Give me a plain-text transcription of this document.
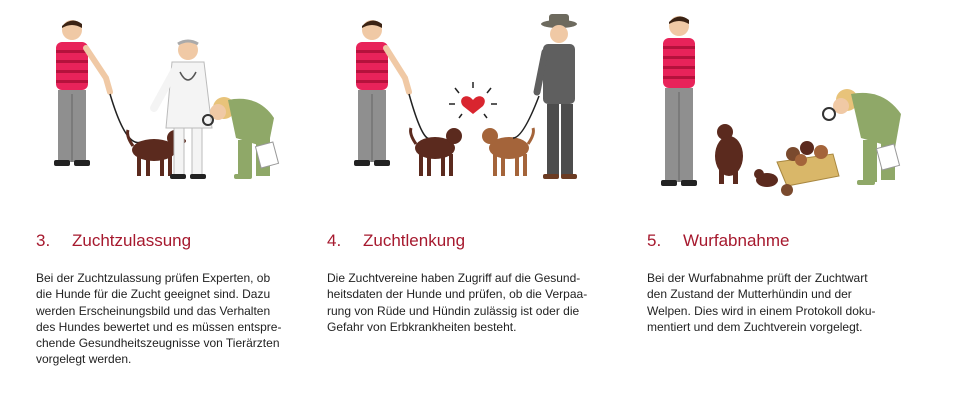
3. Zuchtzulassung

Bei der Zuchtzulassung prüfen Experten, ob
die Hunde für die Zucht geeignet sind. Dazu
werden Erscheinungsbild und das Verhalten
des Hundes bewertet und es müssen entspre-
chende Gesundheitszeugnisse von Tierärzten
vorgelegt werden.

4. Zuchtlenkung

Die Zuchtvereine haben Zugriff auf die Gesund-
heitsdaten der Hunde und prüfen, ob die Verpaa-
rung von Rüde und Hündin zulässig ist oder die
Gefahr von Erbkrankheiten besteht.

5. Wurfabnahme

Bei der Wurfabnahme prüft der Zuchtwart
den Zustand der Mutterhündin und der
Welpen. Dies wird in einem Protokoll doku-
mentiert und dem Zuchtverein vorgelegt.
